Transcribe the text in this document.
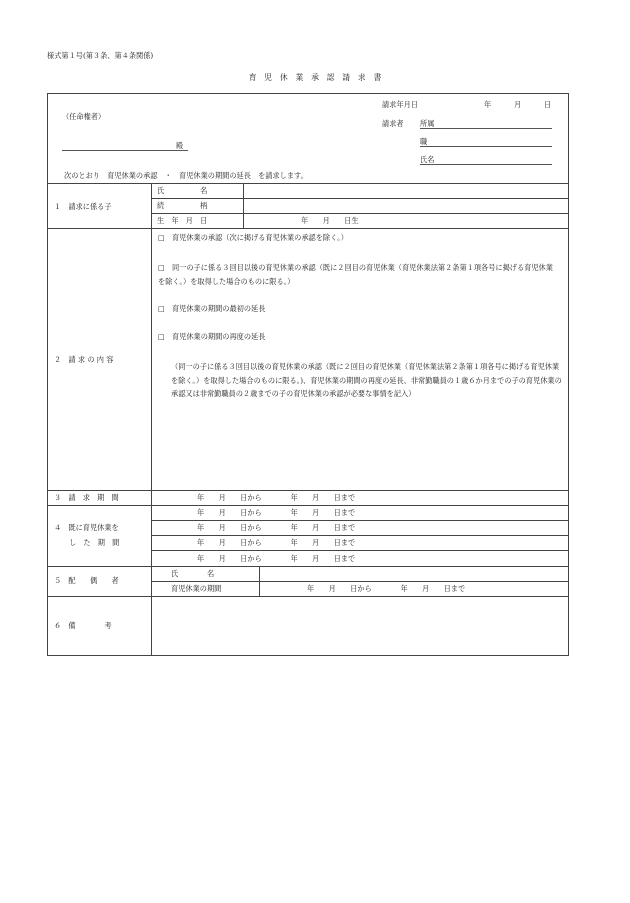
様式第１号(第３条、第４条関係)
育　児　休　業　承　認　請　求　書
（任命権者）
殿
請求年月日	年	月	日
請求者 所属
職
氏名
次のとおり　育児休業の承認　・　育児休業の期間の延長　を請求します。
１　請求に係る子
氏　　　　　名
続　　　　　柄
生　年　月　日	年　　月　　日生
２　請 求 の 内 容
□　育児休業の承認（次に掲げる育児休業の承認を除く。）
□　同一の子に係る３回目以後の育児休業の承認（既に２回目の育児休業（育児休業法第２条第１項各号に掲げる育児休業を除く。）を取得した場合のものに限る。）
□　育児休業の期間の最初の延長
□　育児休業の期間の再度の延長
（同一の子に係る３回目以後の育児休業の承認（既に２回目の育児休業（育児休業法第２条第１項各号に掲げる育児休業を除く。）を取得した場合のものに限る。)、育児休業の期間の再度の延長、非常勤職員の１歳６か月までの子の育児休業の承認又は非常勤職員の２歳までの子の育児休業の承認が必要な事情を記入）
３　請　求　期　間	年　　月　　日から　　　　年　　月　　日まで
４　既に育児休業を
し　た　期　間
年　　月　　日から　　　　年　　月　　日まで
年　　月　　日から　　　　年　　月　　日まで
年　　月　　日から　　　　年　　月　　日まで
年　　月　　日から　　　　年　　月　　日まで
５　配　　偶　　者
氏　　　　名
育児休業の期間	年　　月　　日から　　　　年　　月　　日まで
６　備　　　　考
